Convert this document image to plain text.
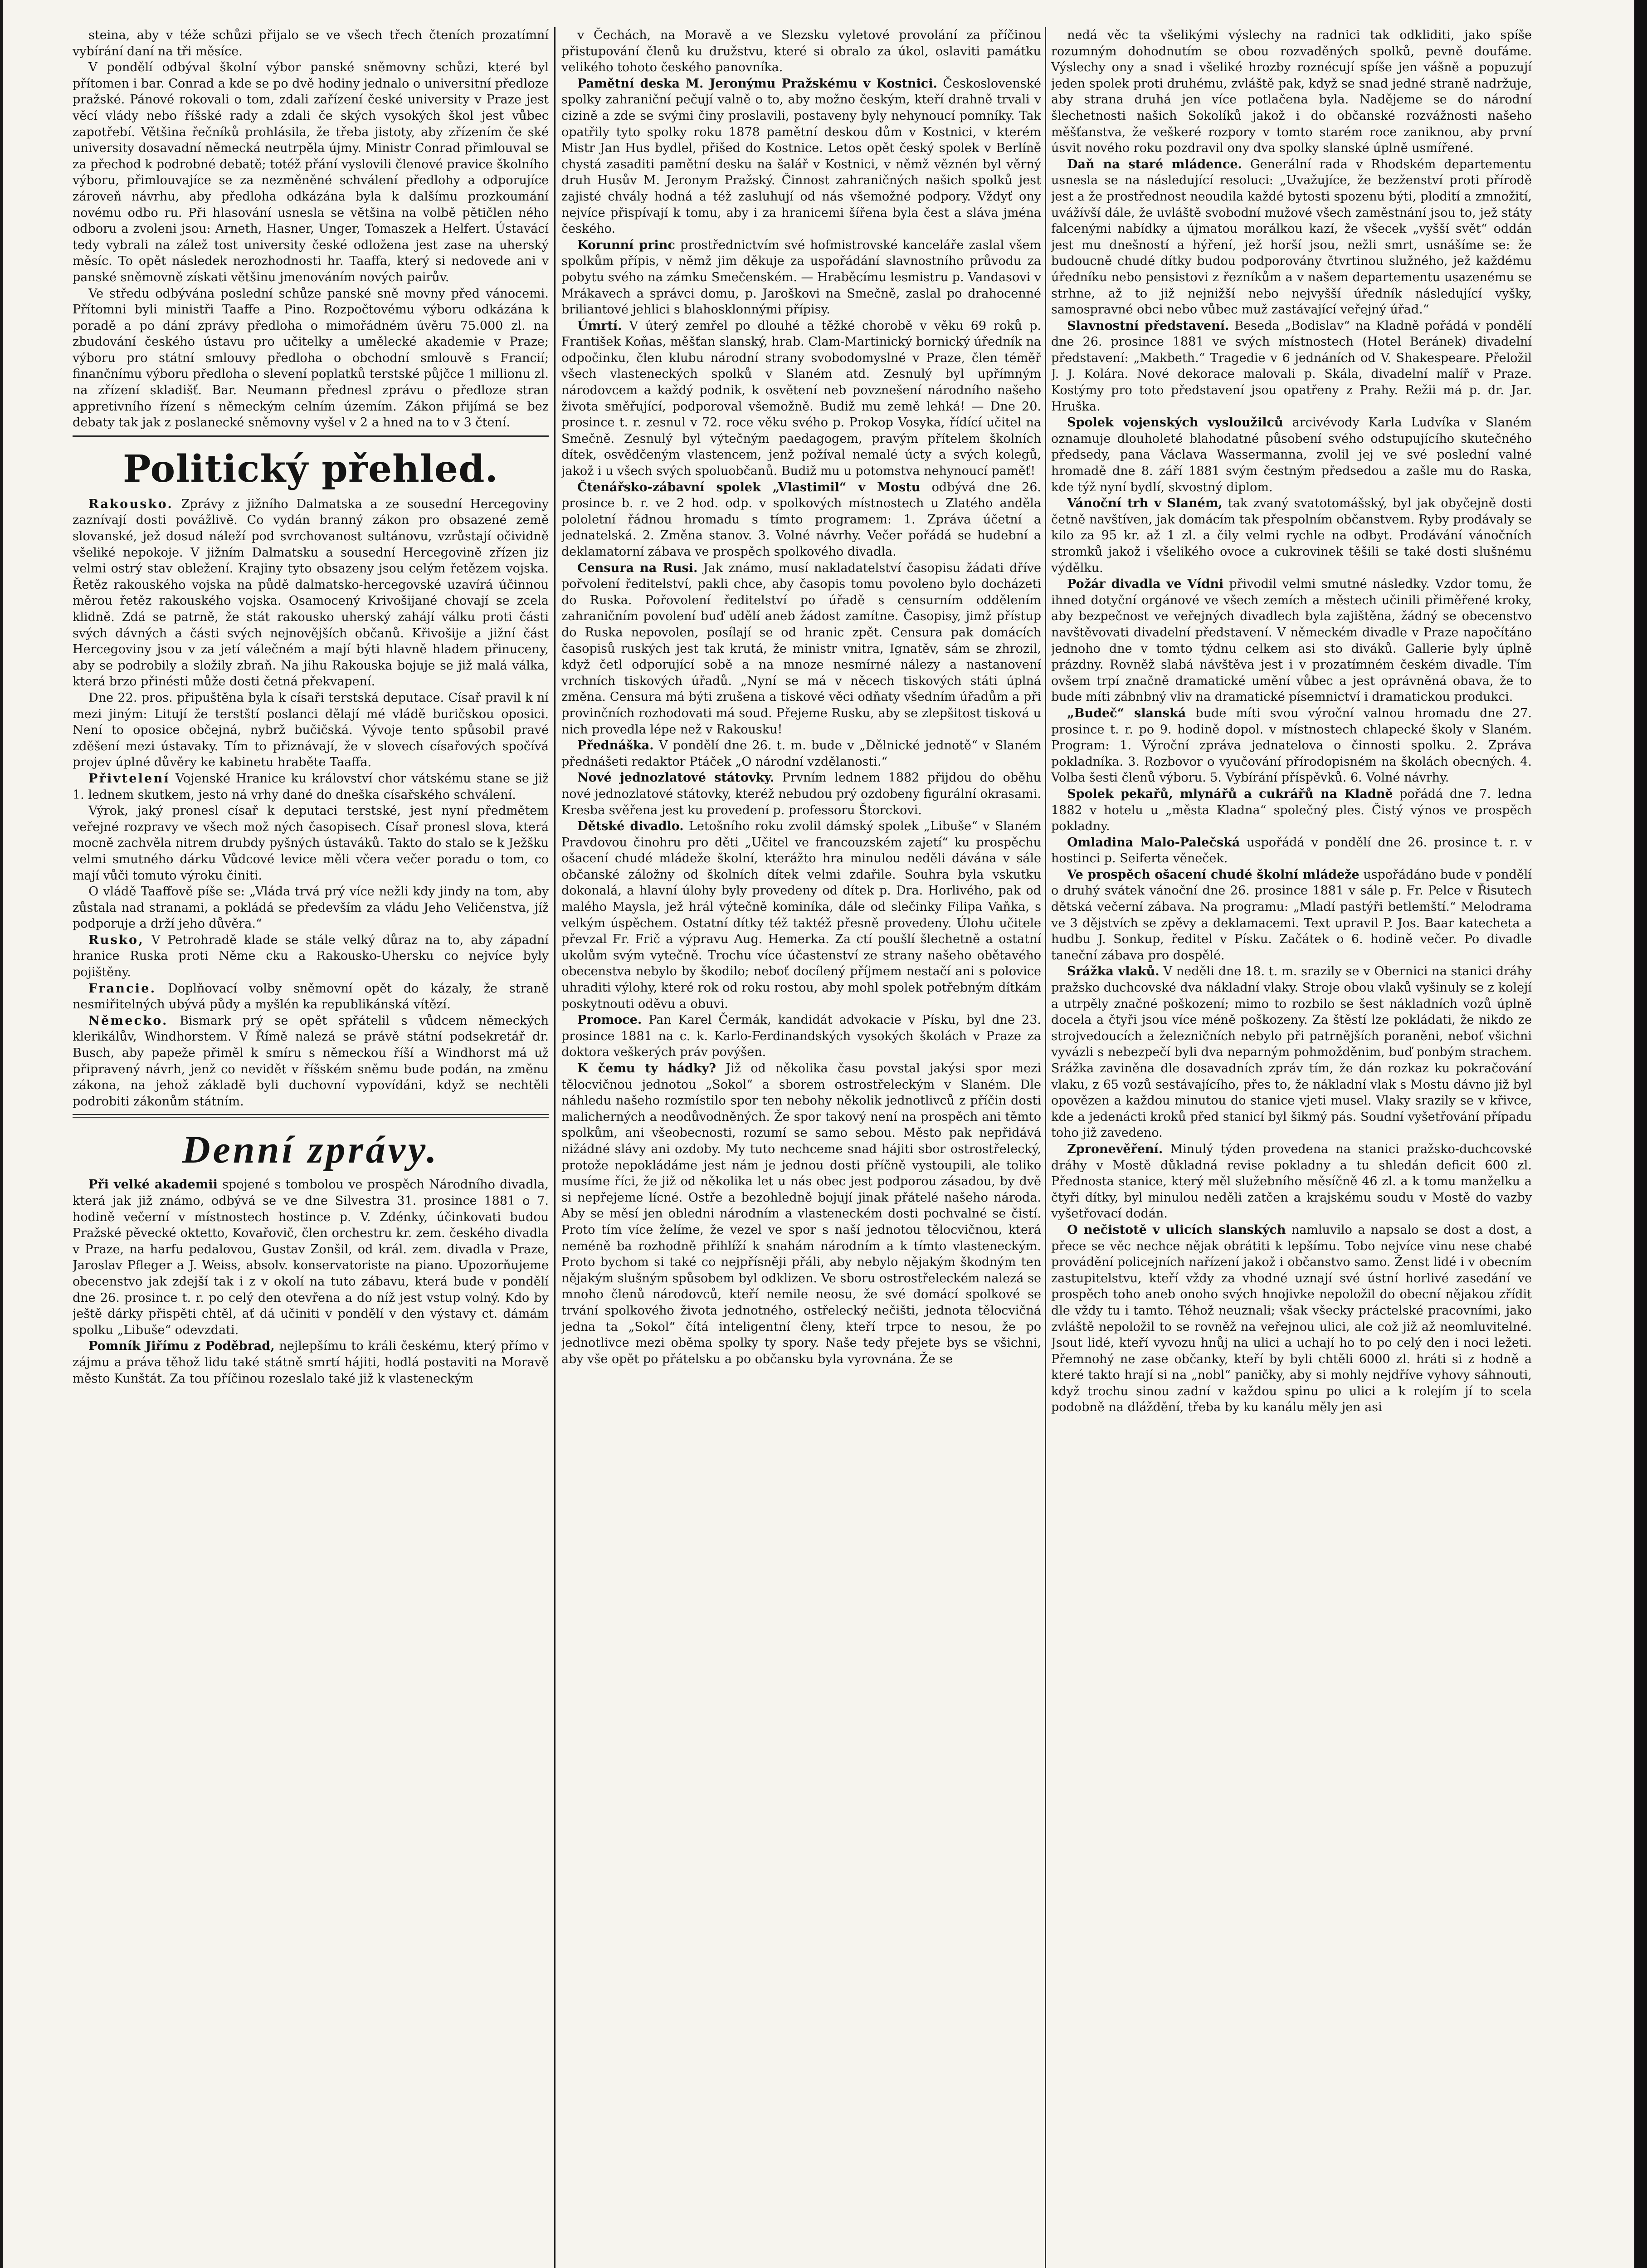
steina, aby v téže schůzi přijalo se ve všech třech čteních prozatímní vybírání daní na tři měsíce.

V pondělí odbýval školní výbor panské sněmovny schůzi, které byl přítomen i bar. Conrad a kde se po dvě hodiny jednalo o universitní předloze pražské. Pánové rokovali o tom, zdali zařízení české university v Praze jest věcí vlády nebo říšské rady a zdali če ských vysokých škol jest vůbec zapotřebí. Většina řečníků prohlásila, že třeba jistoty, aby zřízením če ské university dosavadní německá neutrpěla újmy. Ministr Conrad přimlouval se za přechod k podrobné debatě; totéž přání vyslovili členové pravice školního výboru, přimlouvajíce se za nezměněné schválení předlohy a odporujíce zároveň návrhu, aby předloha odkázána byla k dalšímu prozkoumání novému odbo ru. Při hlasování usnesla se většina na volbě pětičlen ného odboru a zvoleni jsou: Arneth, Hasner, Unger, Tomaszek a Helfert. Ústavácí tedy vybrali na zálež tost university české odložena jest zase na uherský měsíc. To opět následek nerozhodnosti hr. Taaffa, který si nedovede ani v panské sněmovně získati většinu jmenováním nových pairův.

Ve středu odbývána poslední schůze panské sně movny před vánocemi. Přítomni byli ministři Taaffe a Pino. Rozpočtovému výboru odkázána k poradě a po dání zprávy předloha o mimořádném úvěru 75.000 zl. na zbudování českého ústavu pro učitelky a umělecké akademie v Praze; výboru pro státní smlouvy předloha o obchodní smlouvě s Francií; finančnímu výboru předloha o slevení poplatků terstské půjčce 1 millionu zl. na zřízení skladišť. Bar. Neumann přednesl zprávu o předloze stran appretivního řízení s německým celním územím. Zákon přijímá se bez debaty tak jak z poslanecké sněmovny vyšel v 2 a hned na to v 3 čtení.

Politický přehled.

Rakousko. Zprávy z jižního Dalmatska a ze sousední Hercegoviny zaznívají dosti povážlivě. Co vydán branný zákon pro obsazené země slovanské, jež dosud náleží pod svrchovanost sultánovu, vzrůstají očividně všeliké nepokoje. V jižním Dalmatsku a sousední Hercegovině zřízen jiz velmi ostrý stav obležení. Krajiny tyto obsazeny jsou celým řetězem vojska. Řetěz rakouského vojska na půdě dalmatsko-hercegovské uzavírá účinnou měrou řetěz rakouského vojska. Osamocený Krivošijané chovají se zcela klidně. Zdá se patrně, že stát rakousko uherský zahájí válku proti části svých dávných a části svých nejnovějších občanů. Křivošije a jižní část Hercegoviny jsou v za jetí válečném a mají býti hlavně hladem přinuceny, aby se podrobily a složily zbraň. Na jihu Rakouska bojuje se již malá válka, která brzo přinésti může dosti četná překvapení.

Dne 22. pros. připuštěna byla k císaři terstská deputace. Císař pravil k ní mezi jiným: Litují že terstští poslanci dělají mé vládě buričskou oposici. Není to oposice občejná, nybrž bučičská. Vývoje tento spůsobil pravé zděšení mezi ústavaky. Tím to přiznávají, že v slovech císařových spočívá projev úplné důvěry ke kabinetu hraběte Taaffa.

Přivtelení Vojenské Hranice ku království chor vátskému stane se již 1. lednem skutkem, jesto ná vrhy dané do dneška císařského schválení.

Výrok, jaký pronesl císař k deputaci terstské, jest nyní předmětem veřejné rozpravy ve všech mož ných časopisech. Císař pronesl slova, která mocně zachvěla nitrem drubdy pyšných ústaváků. Takto do stalo se k Ježšku velmi smutného dárku Vůdcové levice měli včera večer poradu o tom, co mají vůči tomuto výroku činiti.

O vládě Taaffově píše se: „Vláda trvá prý více nežli kdy jindy na tom, aby zůstala nad stranami, a pokládá se především za vládu Jeho Veličenstva, jíž podporuje a drží jeho důvěra.“

Rusko, V Petrohradě klade se stále velký důraz na to, aby západní hranice Ruska proti Něme cku a Rakousko-Uhersku co nejvíce byly pojištěny.

Francie. Doplňovací volby sněmovní opět do kázaly, že straně nesmiřitelných ubývá půdy a myšlén ka republikánská vítězí.

Německo. Bismark prý se opět spřátelil s vůdcem německých klerikálův, Windhorstem. V Římě nalezá se právě státní podsekretář dr. Busch, aby papeže přiměl k smíru s německou říší a Windhorst má už připravený návrh, jenž co nevidět v říšském sněmu bude podán, na změnu zákona, na jehož základě byli duchovní vypovídáni, když se nechtěli podrobiti zákonům státním.

Denní zprávy.

Při velké akademii spojené s tombolou ve prospěch Národního divadla, která jak již známo, odbývá se ve dne Silvestra 31. prosince 1881 o 7. hodině večerní v místnostech hostince p. V. Zdénky, účinkovati budou Pražské pěvecké oktetto, Kovařovič, člen orchestru kr. zem. českého divadla v Praze, na harfu pedalovou, Gustav Zonšil, od král. zem. divadla v Praze, Jaroslav Pfleger a J. Weiss, absolv. konservatoriste na piano. Upozorňujeme obecenstvo jak zdejší tak i z v okolí na tuto zábavu, která bude v pondělí dne 26. prosince t. r. po celý den otevřena a do níž jest vstup volný. Kdo by ještě dárky přispěti chtěl, ať dá učiniti v pondělí v den výstavy ct. dámám spolku „Libuše“ odevzdati.

Pomník Jiřímu z Poděbrad, nejlepšímu to králi českému, který přímo v zájmu a práva těhož lidu také státně smrtí hájiti, hodlá postaviti na Moravě město Kunštát. Za tou příčinou rozeslalo také již k vlasteneckým

v Čechách, na Moravě a ve Slezsku vyletové provolání za příčinou přistupování členů ku družstvu, které si obralo za úkol, oslaviti památku velikého tohoto českého panovníka.

Pamětní deska M. Jeronýmu Pražskému v Kostnici. Československé spolky zahraniční pečují valně o to, aby možno českým, kteří drahně trvali v cizině a zde se svými činy proslavili, postaveny byly nehynoucí pomníky. Tak opatřily tyto spolky roku 1878 pamětní deskou dům v Kostnici, v kterém Mistr Jan Hus bydlel, přišed do Kostnice. Letos opět český spolek v Berlíně chystá zasaditi pamětní desku na šalář v Kostnici, v němž věznén byl věrný druh Husův M. Jeronym Pražský. Činnost zahraničných našich spolků jest zajisté chvály hodná a též zasluhují od nás všemožné podpory. Vždyť ony nejvíce přispívají k tomu, aby i za hranicemi šířena byla čest a sláva jména českého.

Korunní princ prostřednictvím své hofmistrovské kanceláře zaslal všem spolkům přípis, v němž jim děkuje za uspořádání slavnostního průvodu za pobytu svého na zámku Smečenském. — Hraběcímu lesmistru p. Vandasovi v Mrákavech a správci domu, p. Jaroškovi na Smečně, zaslal po drahocenné briliantové jehlici s blahosklonnými přípisy.

Úmrtí. V úterý zemřel po dlouhé a těžké chorobě v věku 69 roků p. František Koňas, měšťan slanský, hrab. Clam-Martinický bornický úředník na odpočinku, člen klubu národní strany svobodomyslné v Praze, člen téměř všech vlasteneckých spolků v Slaném atd. Zesnulý byl upřímným národovcem a každý podnik, k osvětení neb povznešení národního našeho života směřující, podporoval všemožně. Budiž mu země lehká! — Dne 20. prosince t. r. zesnul v 72. roce věku svého p. Prokop Vosyka, řídící učitel na Smečně. Zesnulý byl výtečným paedagogem, pravým přítelem školních dítek, osvědčeným vlastencem, jenž požíval nemalé úcty a svých kolegů, jakož i u všech svých spoluobčanů. Budiž mu u potomstva nehynoucí paměť!

Čtenářsko-zábavní spolek „Vlastimil“ v Mostu odbývá dne 26. prosince b. r. ve 2 hod. odp. v spolkových místnostech u Zlatého anděla pololetní řádnou hromadu s tímto programem: 1. Zpráva účetní a jednatelská. 2. Změna stanov. 3. Volné návrhy. Večer pořádá se hudební a deklamatorní zábava ve prospěch spolkového divadla.

Censura na Rusi. Jak známo, musí nakladatelství časopisu žádati dříve pořvolení ředitelství, pakli chce, aby časopis tomu povoleno bylo docházeti do Ruska. Pořovolení ředitelství po úřadě s censurním oddělením zahraničním povolení buď udělí aneb žádost zamítne. Časopisy, jimž přístup do Ruska nepovolen, posílají se od hranic zpět. Censura pak domácích časopisů ruských jest tak krutá, že ministr vnitra, Ignatěv, sám se zhrozil, když četl odporující sobě a na mnoze nesmírné nálezy a nastanovení vrchních tiskových úřadů. „Nyní se má v něcech tiskových státi úplná změna. Censura má býti zrušena a tiskové věci odňaty všedním úřadům a při provinčních rozhodovati má soud. Přejeme Rusku, aby se zlepšitost tisková u nich provedla lépe než v Rakousku!

Přednáška. V pondělí dne 26. t. m. bude v „Dělnické jednotě“ v Slaném přednášeti redaktor Ptáček „O národní vzdělanosti.“

Nové jednozlatové státovky. Prvním lednem 1882 přijdou do oběhu nové jednozlatové státovky, kteréž nebudou prý ozdobeny figurální okrasami. Kresba svěřena jest ku provedení p. professoru Štorckovi.

Dětské divadlo. Letošního roku zvolil dámský spolek „Libuše“ v Slaném Pravdovou činohru pro děti „Učitel ve francouzském zajetí“ ku prospěchu ošacení chudé mládeže školní, kterážto hra minulou neděli dávána v sále občanské záložny od školních dítek velmi zdařile. Souhra byla vskutku dokonalá, a hlavní úlohy byly provedeny od dítek p. Dra. Horlivého, pak od malého Maysla, jež hrál výtečně kominíka, dále od slečinky Filipa Vaňka, s velkým úspěchem. Ostatní dítky též taktéž přesně provedeny. Úlohu učitele převzal Fr. Frič a výpravu Aug. Hemerka. Za ctí poušlí šlechetně a ostatní ukolům svým vytečně. Trochu více účastenství ze strany našeho obětavého obecenstva nebylo by škodilo; neboť docílený příjmem nestačí ani s polovice uhraditi výlohy, které rok od roku rostou, aby mohl spolek potřebným dítkám poskytnouti oděvu a obuvi.

Promoce. Pan Karel Čermák, kandidát advokacie v Písku, byl dne 23. prosince 1881 na c. k. Karlo-Ferdinandských vysokých školách v Praze za doktora veškerých práv povýšen.

K čemu ty hádky? Již od několika času povstal jakýsi spor mezi tělocvičnou jednotou „Sokol“ a sborem ostrostřeleckým v Slaném. Dle náhledu našeho rozmístilo spor ten nebohy několik jednotlivců z příčin dosti malicherných a neodůvodněných. Že spor takový není na prospěch ani těmto spolkům, ani všeobecnosti, rozumí se samo sebou. Město pak nepřidává nižádné slávy ani ozdoby. My tuto nechceme snad hájiti sbor ostrostřelecký, protože nepokládáme jest nám je jednou dosti příčně vystoupili, ale toliko musíme říci, že již od několika let u nás obec jest podporou zásadou, by dvě si nepřejeme lícné. Ostře a bezohledně bojují jinak přátelé našeho národa. Aby se měsí jen obledni národním a vlasteneckém dosti pochvalné se čistí. Proto tím více želíme, že vezel ve spor s naší jednotou tělocvičnou, která neméně ba rozhodně přihlíží k snahám národním a k tímto vlasteneckým. Proto bychom si také co nejpřísněji přáli, aby nebylo nějakým škodným ten nějakým slušným spůsobem byl odklizen. Ve sboru ostrostřeleckém nalezá se mnoho členů národovců, kteří nemile neosu, že své domácí spolkové se trvání spolkového života jednotného, ostřelecký nečišti, jednota tělocvičná jedna ta „Sokol“ čítá inteligentní členy, kteří trpce to nesou, že po jednotlivce mezi oběma spolky ty spory. Naše tedy přejete bys se všichni, aby vše opět po přátelsku a po občansku byla vyrovnána. Že se

nedá věc ta všelikými výslechy na radnici tak odkliditi, jako spíše rozumným dohodnutím se obou rozvaděných spolků, pevně doufáme. Výslechy ony a snad i všeliké hrozby roznécují spíše jen vášně a popuzují jeden spolek proti druhému, zvláště pak, když se snad jedné straně nadržuje, aby strana druhá jen více potlačena byla. Nadějeme se do národní šlechetnosti našich Sokolíků jakož i do občanské rozvážnosti našeho měšťanstva, že veškeré rozpory v tomto starém roce zaniknou, aby první úsvit nového roku pozdravil ony dva spolky slanské úplně usmířené.

Daň na staré mládence. Generální rada v Rhodském departementu usnesla se na následující resoluci: „Uvažujíce, že bezženství proti přírodě jest a že prostřednost neoudila každé bytosti spozenu býti, plodití a zmnožití, uvážívší dále, že uvláště svobodní mužové všech zaměstnání jsou to, jež státy falcenými nabídky a újmatou morálkou kazí, že všecek „vyšší svět“ oddán jest mu dnešností a hýření, jež horší jsou, nežli smrt, usnášíme se: že budoucně chudé dítky budou podporovány čtvrtinou služného, jež každému úředníku nebo pensistovi z řezníkům a v našem departementu usazenému se strhne, až to již nejnižší nebo nejvyšší úředník následující vyšky, samospravné obci nebo vůbec muž zastávající veřejný úřad.“

Slavnostní představení. Beseda „Bodislav“ na Kladně pořádá v pondělí dne 26. prosince 1881 ve svých místnostech (Hotel Beránek) divadelní představení: „Makbeth.“ Tragedie v 6 jednáních od V. Shakespeare. Přeložil J. J. Kolára. Nové dekorace malovali p. Skála, divadelní malíř v Praze. Kostýmy pro toto představení jsou opatřeny z Prahy. Režii má p. dr. Jar. Hruška.

Spolek vojenských vysloužilců arcivévody Karla Ludvíka v Slaném oznamuje dlouholeté blahodatné působení svého odstupujícího skutečného předsedy, pana Václava Wassermanna, zvolil jej ve své poslední valné hromadě dne 8. září 1881 svým čestným předsedou a zašle mu do Raska, kde týž nyní bydlí, skvostný diplom.

Vánoční trh v Slaném, tak zvaný svatotomášský, byl jak obyčejně dosti četně navštíven, jak domácím tak přespolním občanstvem. Ryby prodávaly se kilo za 95 kr. až 1 zl. a čily velmi rychle na odbyt. Prodávání vánočních stromků jakož i všelikého ovoce a cukrovinek těšili se také dosti slušnému výdělku.

Požár divadla ve Vídni přivodil velmi smutné následky. Vzdor tomu, že ihned dotyční orgánové ve všech zemích a městech učinili přiměřené kroky, aby bezpečnost ve veřejných divadlech byla zajištěna, žádný se obecenstvo navštěvovati divadelní představení. V německém divadle v Praze napočítáno jednoho dne v tomto týdnu celkem asi sto diváků. Gallerie byly úplně prázdny. Rovněž slabá návštěva jest i v prozatímném českém divadle. Tím ovšem trpí značně dramatické umění vůbec a jest oprávněná obava, že to bude míti zábnbný vliv na dramatické písemnictví i dramatickou produkci.

„Budeč“ slanská bude míti svou výroční valnou hromadu dne 27. prosince t. r. po 9. hodině dopol. v místnostech chlapecké školy v Slaném. Program: 1. Výroční zpráva jednatelova o činnosti spolku. 2. Zpráva pokladníka. 3. Rozbovor o vyučování přírodopisném na školách obecných. 4. Volba šesti členů výboru. 5. Vybírání příspěvků. 6. Volné návrhy.

Spolek pekařů, mlynářů a cukrářů na Kladně pořádá dne 7. ledna 1882 v hotelu u „města Kladna“ společný ples. Čistý výnos ve prospěch pokladny.

Omladina Malo-Palečská uspořádá v pondělí dne 26. prosince t. r. v hostinci p. Seiferta věneček.

Ve prospěch ošacení chudé školní mládeže uspořádáno bude v pondělí o druhý svátek vánoční dne 26. prosince 1881 v sále p. Fr. Pelce v Řisutech dětská večerní zábava. Na programu: „Mladí pastýři betlemští.“ Melodrama ve 3 dějstvích se zpěvy a deklamacemi. Text upravil P. Jos. Baar katecheta a hudbu J. Sonkup, ředitel v Písku. Začátek o 6. hodině večer. Po divadle taneční zábava pro dospělé.

Srážka vlaků. V neděli dne 18. t. m. srazily se v Obernici na stanici dráhy pražsko duchcovské dva nákladní vlaky. Stroje obou vlaků vyšinuly se z kolejí a utrpěly značné poškození; mimo to rozbilo se šest nákladních vozů úplně docela a čtyři jsou více méně poškozeny. Za štěstí lze pokládati, že nikdo ze strojvedoucích a železničních nebylo při patrnějších poraněni, neboť všichni vyvázli s nebezpečí byli dva neparným pohmožděnim, buď ponbým strachem. Srážka zaviněna dle dosavadních zpráv tím, že dán rozkaz ku pokračování vlaku, z 65 vozů sestávajícího, přes to, že nákladní vlak s Mostu dávno již byl opovězen a každou minutou do stanice vjeti musel. Vlaky srazily se v křivce, kde a jedenácti kroků před stanicí byl šikmý pás. Soudní vyšetřování případu toho již zavedeno.

Zpronevěření. Minulý týden provedena na stanici pražsko-duchcovské dráhy v Mostě důkladná revise pokladny a tu shledán deficit 600 zl. Přednosta stanice, který měl služebního měsíčně 46 zl. a k tomu manželku a čtyři dítky, byl minulou neděli zatčen a krajskému soudu v Mostě do vazby vyšetřovací dodán.

O nečistotě v ulicích slanských namluvilo a napsalo se dost a dost, a přece se věc nechce nějak obrátiti k lepšímu. Tobo nejvíce vinu nese chabé provádění policejních nařízení jakož i občanstvo samo. Ženst lidé i v obecním zastupitelstvu, kteří vždy za vhodné uznají své ústní horlivé zasedání ve prospěch toho aneb onoho svých hnojivke nepoložil do obecní nějakou zřídit dle vždy tu i tamto. Téhož neuznali; však všecky práctelské pracovními, jako zvláště nepoložil to se rovněž na veřejnou ulici, ale což již až neomluvitelné. Jsout lidé, kteří vyvozu hnůj na ulici a uchají ho to po celý den i noci ležeti. Přemnohý ne zase občanky, kteří by byli chtěli 6000 zl. hráti si z hodně a které takto hrají si na „nobl“ paničky, aby si mohly nejdříve vyhovy sáhnouti, když trochu sinou zadní v každou spinu po ulici a k rolejím jí to scela podobně na dláždění, třeba by ku kanálu měly jen asi
